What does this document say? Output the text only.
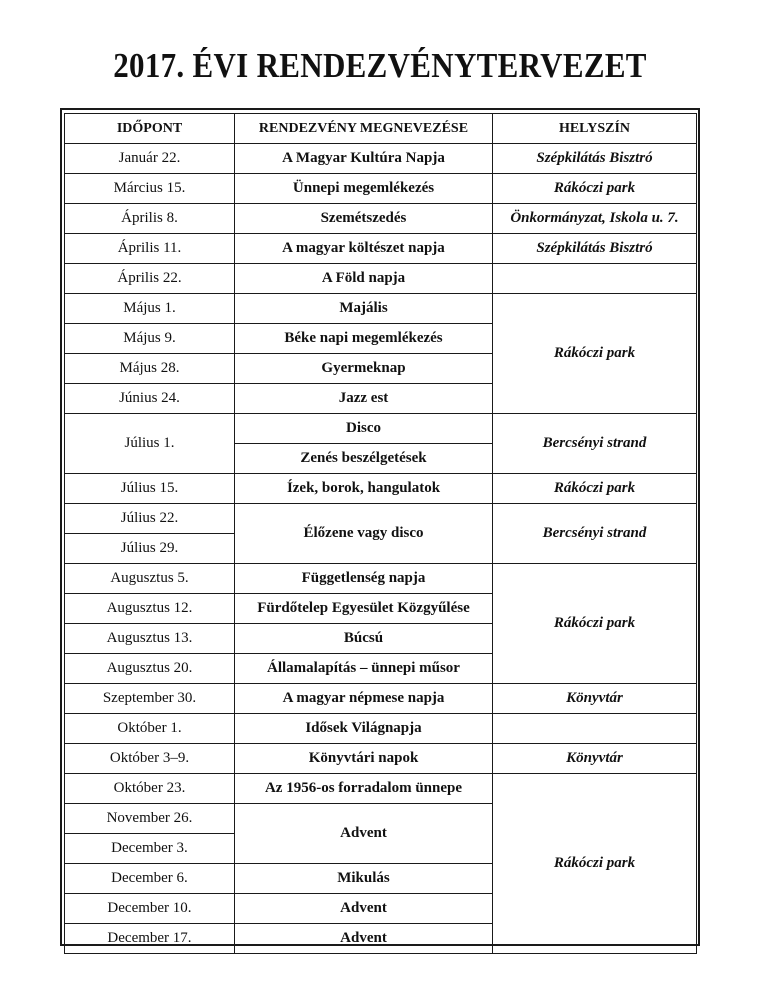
2017. ÉVI RENDEZVÉNYTERVEZET
IDŐPONT	RENDEZVÉNY MEGNEVEZÉSE	HELYSZÍN
Január 22.	A Magyar Kultúra Napja	Szépkilátás Bisztró
Március 15.	Ünnepi megemlékezés	Rákóczi park
Április 8.	Szemétszedés	Önkormányzat, Iskola u. 7.
Április 11.	A magyar költészet napja	Szépkilátás Bisztró
Április 22.	A Föld napja	
Május 1.	Majális	Rákóczi park
Május 9.	Béke napi megemlékezés	
Május 28.	Gyermeknap	
Június 24.	Jazz est	
Július 1.	Disco	Bercsényi strand
	Zenés beszélgetések	
Július 15.	Ízek, borok, hangulatok	Rákóczi park
Július 22.	Élőzene vagy disco	Bercsényi strand
Július 29.		
Augusztus 5.	Függetlenség napja	Rákóczi park
Augusztus 12.	Fürdőtelep Egyesület Közgyűlése	
Augusztus 13.	Búcsú	
Augusztus 20.	Államalapítás – ünnepi műsor	
Szeptember 30.	A magyar népmese napja	Könyvtár
Október 1.	Idősek Világnapja	
Október 3–9.	Könyvtári napok	Könyvtár
Október 23.	Az 1956-os forradalom ünnepe	Rákóczi park
November 26.	Advent	
December 3.		
December 6.	Mikulás	
December 10.	Advent	
December 17.	Advent	
